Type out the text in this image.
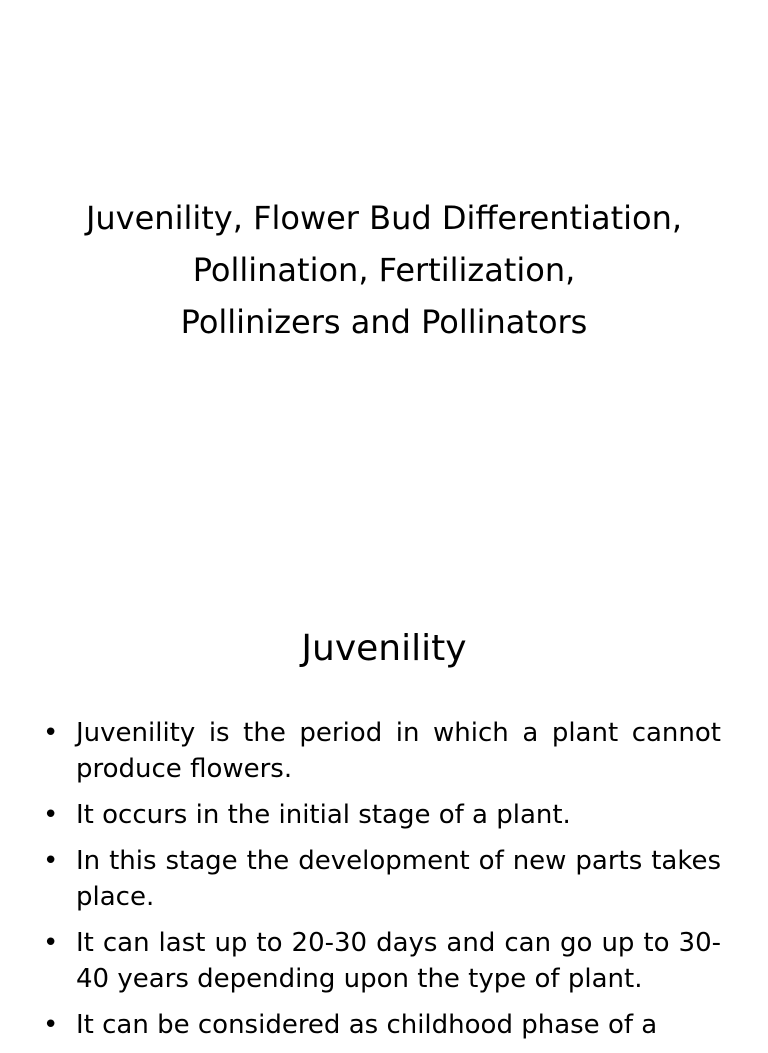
Juvenility, Flower Bud Differentiation,
Pollination, Fertilization,
Pollinizers and Pollinators
Juvenility
• Juvenility is the period in which a plant cannot produce flowers.
• It occurs in the initial stage of a plant.
• In this stage the development of new parts takes place.
• It can last up to 20-30 days and can go up to 30-40 years depending upon the type of plant.
• It can be considered as childhood phase of a
